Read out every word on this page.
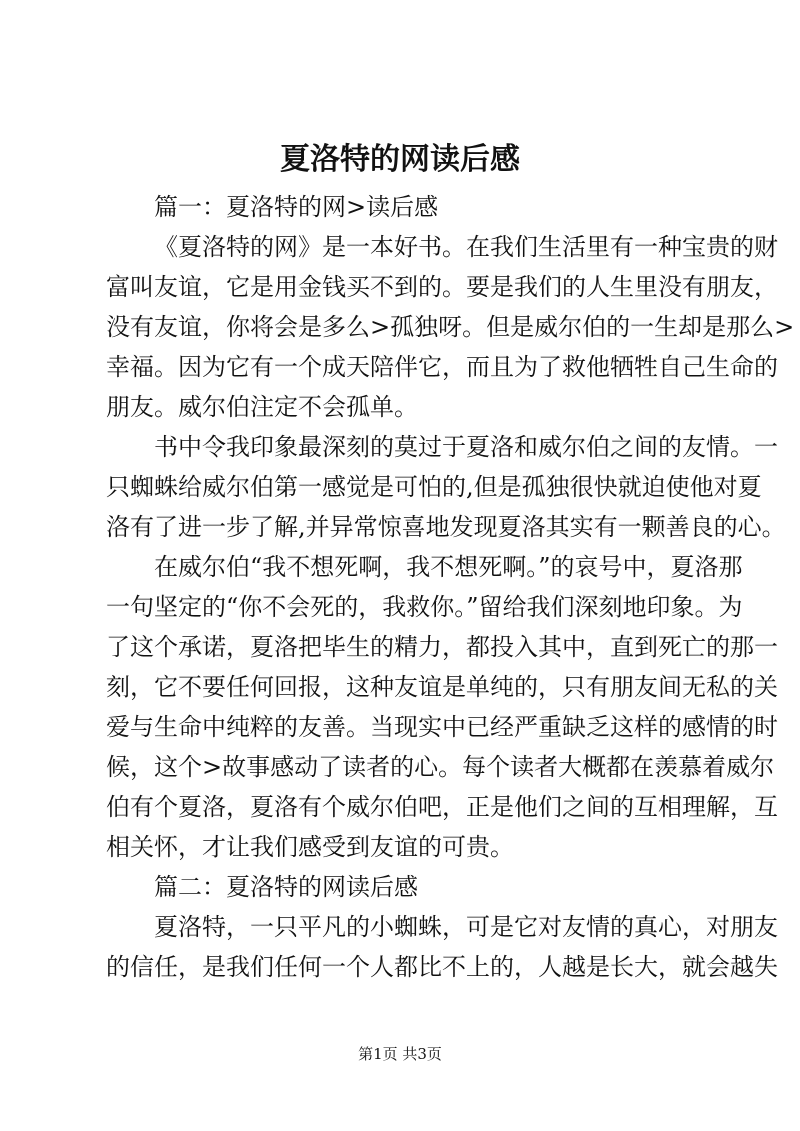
夏洛特的网读后感
篇一：夏洛特的网>读后感
《夏洛特的网》是一本好书。在我们生活里有一种宝贵的财
富叫友谊，它是用金钱买不到的。要是我们的人生里没有朋友，
没有友谊，你将会是多么>孤独呀。但是威尔伯的一生却是那么>
幸福。因为它有一个成天陪伴它，而且为了救他牺牲自己生命的
朋友。威尔伯注定不会孤单。
书中令我印象最深刻的莫过于夏洛和威尔伯之间的友情。一
只蜘蛛给威尔伯第一感觉是可怕的,但是孤独很快就迫使他对夏
洛有了进一步了解,并异常惊喜地发现夏洛其实有一颗善良的心。
在威尔伯“我不想死啊，我不想死啊。”的哀号中，夏洛那
一句坚定的“你不会死的，我救你。”留给我们深刻地印象。为
了这个承诺，夏洛把毕生的精力，都投入其中，直到死亡的那一
刻，它不要任何回报，这种友谊是单纯的，只有朋友间无私的关
爱与生命中纯粹的友善。当现实中已经严重缺乏这样的感情的时
候，这个>故事感动了读者的心。每个读者大概都在羡慕着威尔
伯有个夏洛，夏洛有个威尔伯吧，正是他们之间的互相理解，互
相关怀，才让我们感受到友谊的可贵。
篇二：夏洛特的网读后感
夏洛特，一只平凡的小蜘蛛，可是它对友情的真心，对朋友
的信任，是我们任何一个人都比不上的，人越是长大，就会越失
第1页 共3页
